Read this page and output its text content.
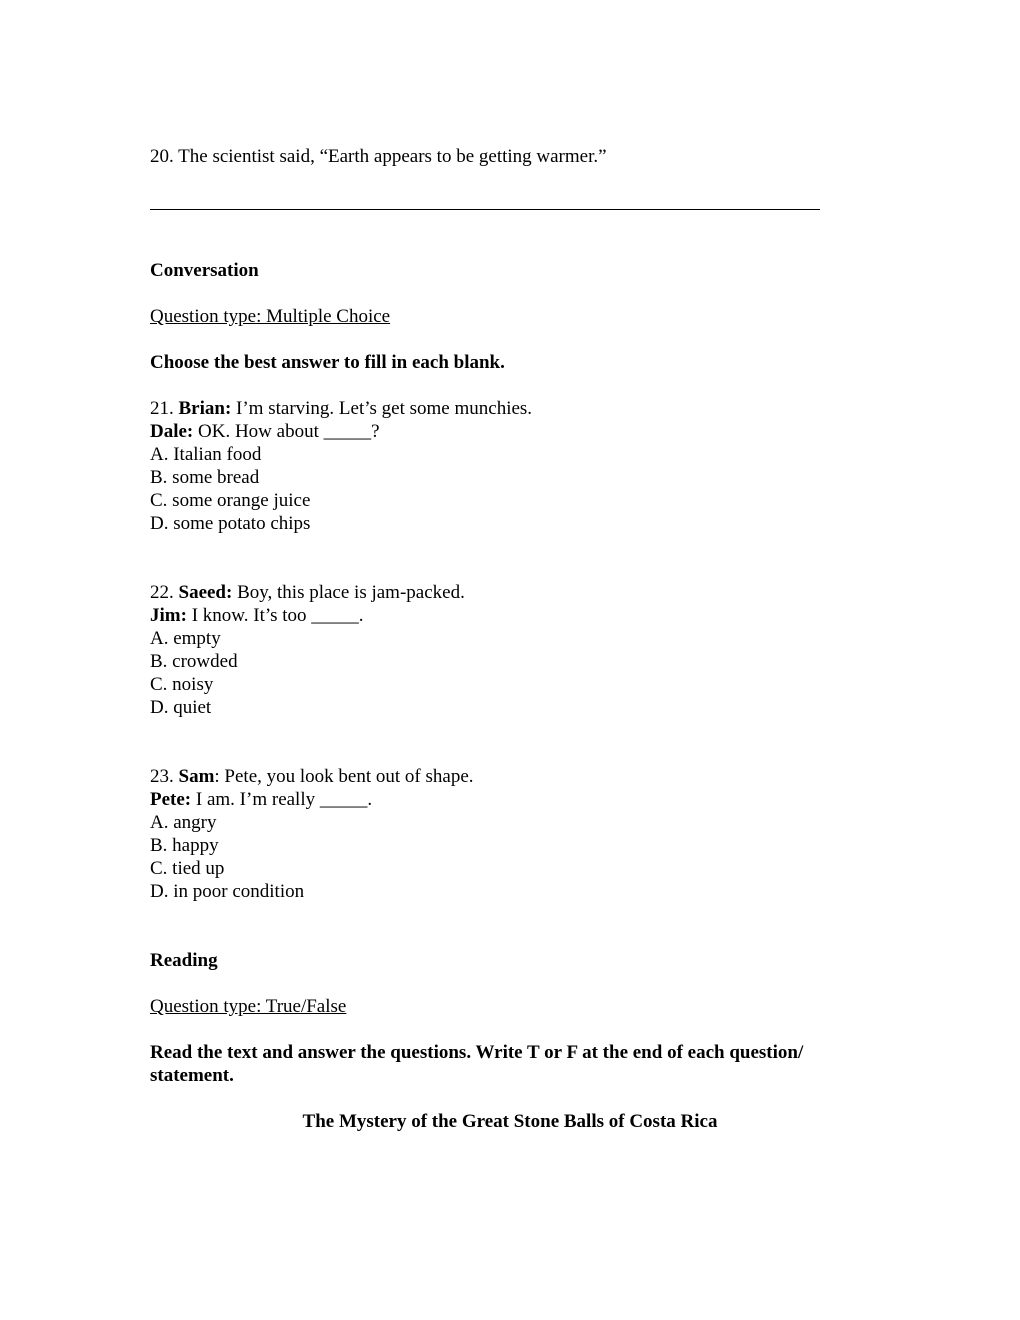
20. The scientist said, “Earth appears to be getting warmer.”
Conversation
Question type: Multiple Choice
Choose the best answer to fill in each blank.
21. Brian: I’m starving. Let’s get some munchies.
Dale: OK. How about _____?
A. Italian food
B. some bread
C. some orange juice
D. some potato chips
22. Saeed: Boy, this place is jam-packed.
Jim: I know. It’s too _____.
A. empty
B. crowded
C. noisy
D. quiet
23. Sam: Pete, you look bent out of shape.
Pete: I am. I’m really _____.
A. angry
B. happy
C. tied up
D. in poor condition
Reading
Question type: True/False
Read the text and answer the questions. Write T or F at the end of each question/ statement.
The Mystery of the Great Stone Balls of Costa Rica
